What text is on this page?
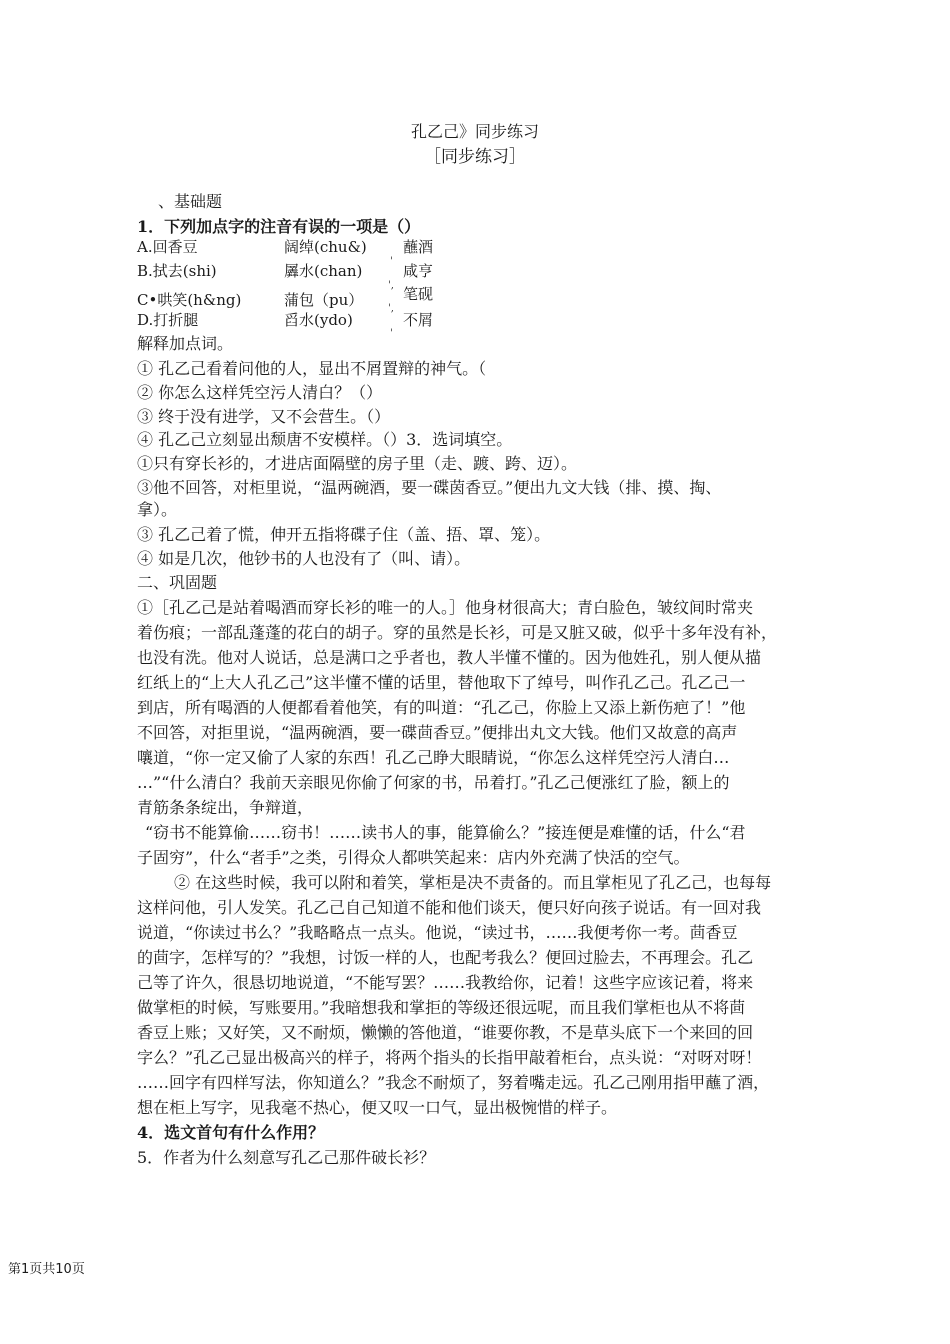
孔乙己》同步练习
［同步练习］
、基础题
1．下列加点字的注音有误的一项是（）
A.回香豆	阔绰(chu&) 蘸酒
B.拭去(shi)	羼水(chan)	咸亨
'
',
C•哄笑(h&ng)	蒲包（pu）	笔砚
',
D.打折腿	舀水(ydo)	不屑
'
解释加点词。
① 孔乙己看着问他的人，显出不屑置辩的神气。（
② 你怎么这样凭空污人清白？（）
③ 终于没有进学，又不会营生。（）
④ 孔乙己立刻显出颓唐不安模样。（）3．选词填空。
①只有穿长衫的，才进店面隔壁的房子里（走、踱、跨、迈）。
③他不回答，对柜里说，“温两碗酒，要一碟茵香豆。”便出九文大钱（排、摸、掏、
拿）。
③ 孔乙己着了慌，伸开五指将碟子住（盖、捂、罩、笼）。
④ 如是几次，他钞书的人也没有了（叫、请）。
二、巩固题
①［孔乙己是站着喝酒而穿长衫的唯一的人。］他身材很高大；青白脸色，皱纹间时常夹
着伤痕；一部乱蓬蓬的花白的胡子。穿的虽然是长衫，可是又脏又破，似乎十多年没有补，
也没有洗。他对人说话，总是满口之乎者也，教人半懂不懂的。因为他姓孔，别人便从描
红纸上的“上大人孔乙己”这半懂不懂的话里，替他取下了绰号，叫作孔乙己。孔乙己一
到店，所有喝酒的人便都看着他笑，有的叫道：“孔乙己，你脸上又添上新伤疤了！”他
不回答，对拒里说，“温两碗酒，要一碟茴香豆。”便排出丸文大钱。他们又故意的高声
嚷道，“你一定又偷了人家的东西！孔乙己睁大眼睛说，“你怎么这样凭空污人清白…
…”“什么清白？我前天亲眼见你偷了何家的书，吊着打。”孔乙己便涨红了脸，额上的
青筋条条绽出，争辩道，
“窃书不能算偷……窃书！……读书人的事，能算偷么？”接连便是难懂的话，什么“君
子固穷”，什么“者手”之类，引得众人都哄笑起来：店内外充满了快活的空气。
② 在这些时候，我可以附和着笑，掌柜是决不责备的。而且掌柜见了孔乙己，也每每
这样问他，引人发笑。孔乙己自己知道不能和他们谈天，便只好向孩子说话。有一回对我
说道，“你读过书么？”我略略点一点头。他说，“读过书，……我便考你一考。茴香豆
的茴字，怎样写的？”我想，讨饭一样的人，也配考我么？便回过脸去，不再理会。孔乙
己等了许久，很恳切地说道，“不能写罢？……我教给你，记着！这些字应该记着，将来
做掌柜的时候，写账要用。”我暗想我和掌拒的等级还很远呢，而且我们掌柜也从不将茴
香豆上账；又好笑，又不耐烦，懒懒的答他道，“谁要你教，不是草头底下一个来回的回
字么？”孔乙己显出极高兴的样子，将两个指头的长指甲敲着柜台，点头说：“对呀对呀！
……回字有四样写法，你知道么？”我念不耐烦了，努着嘴走远。孔乙己刚用指甲蘸了酒，
想在柜上写字，见我毫不热心，便又叹一口气，显出极惋惜的样子。
4．选文首句有什么作用？
5．作者为什么刻意写孔乙己那件破长衫？
第1页共10页
